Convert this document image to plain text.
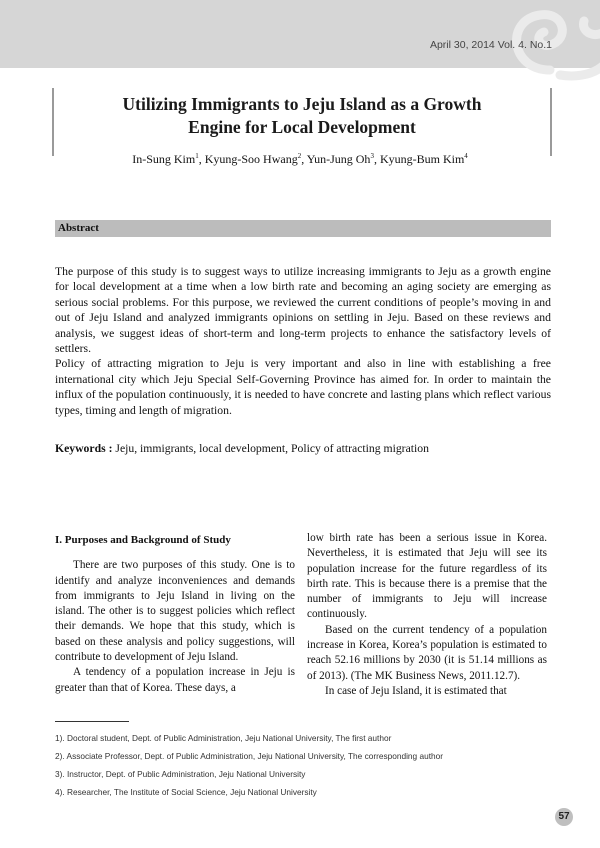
April 30, 2014 Vol. 4. No.1
Utilizing Immigrants to Jeju Island as a Growth
Engine for Local Development
In-Sung Kim$^1$, Kyung-Soo Hwang$^2$, Yun-Jung Oh$^3$, Kyung-Bum Kim$^4$
Abstract

The purpose of this study is to suggest ways to utilize increasing immigrants to Jeju as a growth engine for local development at a time when a low birth rate and becoming an aging society are emerging as serious social problems. For this purpose, we reviewed the current conditions of people’s moving in and out of Jeju Island and analyzed immigrants opinions on settling in Jeju. Based on these reviews and analysis, we suggest ideas of short-term and long-term projects to enhance the satisfactory levels of settlers.

Policy of attracting migration to Jeju is very important and also in line with establishing a free international city which Jeju Special Self-Governing Province has aimed for. In order to maintain the influx of the population continuously, it is needed to have concrete and lasting plans which reflect various types, timing and length of migration.

Keywords : Jeju, immigrants, local development, Policy of attracting migration
I. Purposes and Background of Study

There are two purposes of this study. One is to identify and analyze inconveniences and demands from immigrants to Jeju Island in living on the island. The other is to suggest policies which reflect their demands. We hope that this study, which is based on these analysis and policy suggestions, will contribute to development of Jeju Island.

A tendency of a population increase in Jeju is greater than that of Korea. These days, a

low birth rate has been a serious issue in Korea. Nevertheless, it is estimated that Jeju will see its population increase for the future regardless of its birth rate. This is because there is a premise that the number of immigrants to Jeju will increase continuously.

Based on the current tendency of a population increase in Korea, Korea’s population is estimated to reach 52.16 millions by 2030 (it is 51.14 millions as of 2013). (The MK Business News, 2011.12.7).

In case of Jeju Island, it is estimated that

1). Doctoral student, Dept. of Public Administration, Jeju National University, The first author
2). Associate Professor, Dept. of Public Administration, Jeju National University, The corresponding author
3). Instructor, Dept. of Public Administration, Jeju National University
4). Researcher, The Institute of Social Science, Jeju National University
57
